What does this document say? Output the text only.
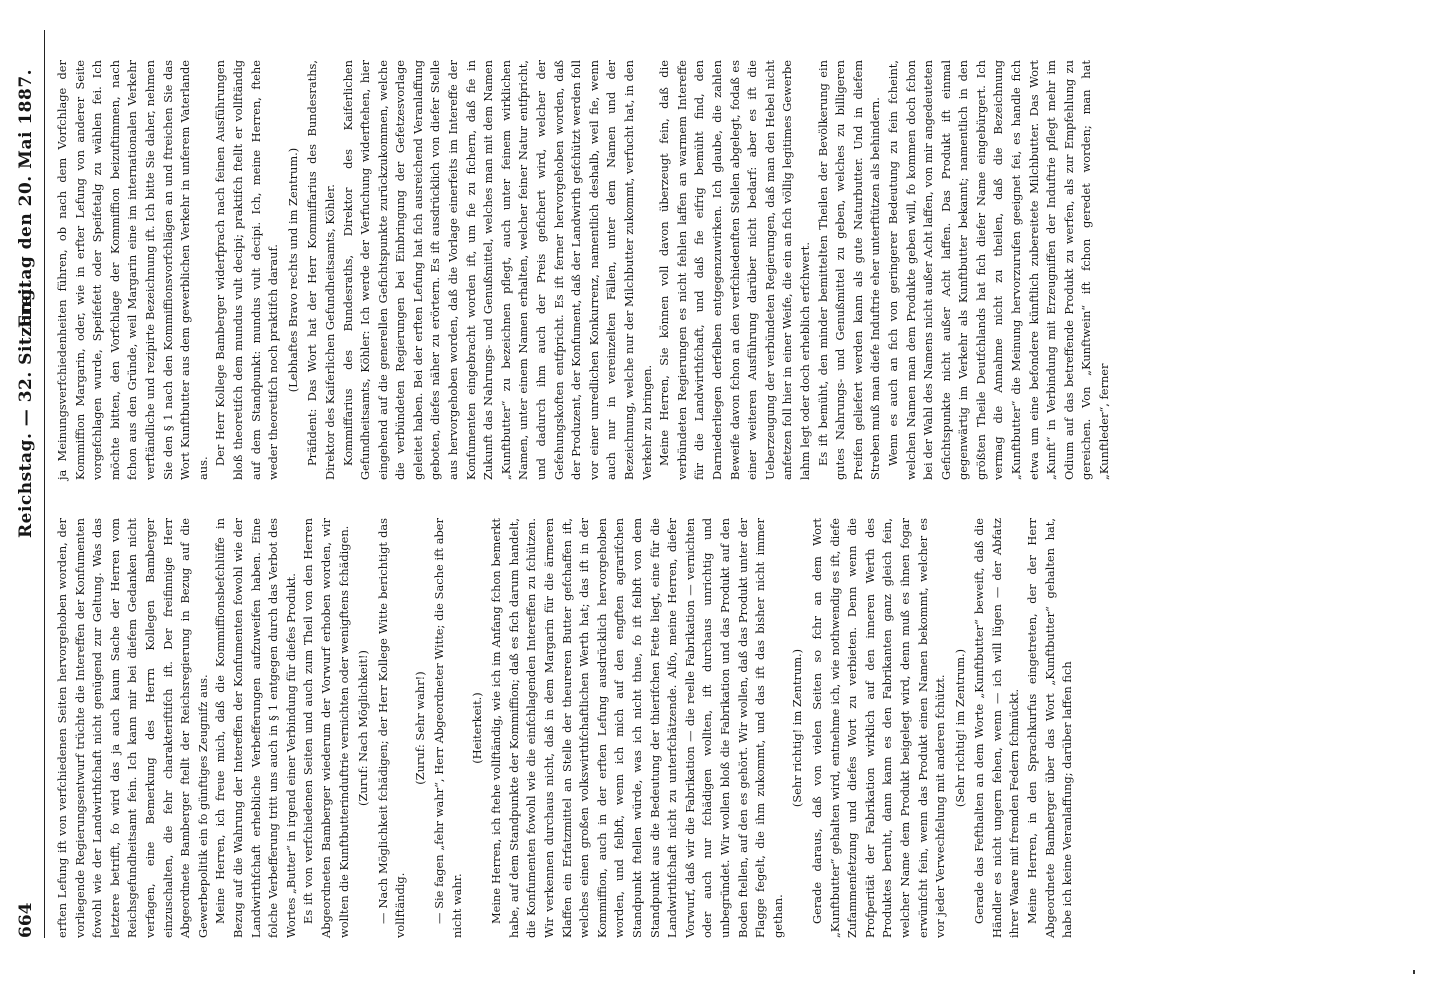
664
Reichstag. — 32. Sitzung.
Freitag den 20. Mai 1887.

erften Lefung ift von verfchiedenen Seiten hervorgehoben worden, der vorliegende Regierungsentwurf trüchte die Intereffen der Konfumenten fowohl wie der Landwirthfchaft nicht genügend zur Geltung. Was das letztere betrifft, fo wird das ja auch kaum Sache der Herren vom Reichsgefundheitsamt fein. Ich kann mir bei diefem Gedanken nicht verfagen, eine Bemerkung des Herrn Kollegen Bamberger einzuschalten, die fehr charakteriftifch ift. Der freifinnige Herr Abgeordnete Bamberger ftellt der Reichsregierung in Bezug auf die Gewerbepolitik ein fo günftiges Zeugnifz aus. Meine Herren, ich freue mich, daß die Kommiffionsbefchlüffe in Bezug auf die Wahrung der Intereffen der Konfumenten fowohl wie der Landwirthfchaft erhebliche Verbefferungen aufzuweifen haben. Eine folche Verbefferung tritt uns auch in § 1 entgegen durch das Verbot des Wortes „Butter“ in irgend einer Verbindung für diefes Produkt. Es ift von verfchiedenen Seiten und auch zum Theil von den Herren Abgeordneten Bamberger wiederum der Vorwurf erhoben worden, wir wollten die Kunftbutterinduftrie vernichten oder wenigftens fchädigen. (Zuruf: Nach Möglichkeit!) — Nach Möglichkeit fchädigen; der Herr Kollege Witte berichtigt das vollftändig.

(Zuruf: Sehr wahr!) — Sie fagen „fehr wahr“, Herr Abgeordneter Witte; die Sache ift aber nicht wahr.

(Heiterkeit.) Meine Herren, ich ftehe vollftändig, wie ich im Anfang fchon bemerkt habe, auf dem Standpunkte der Kommiffion; daß es fich darum handelt, die Konfumenten fowohl wie die einfchlagenden Intereffen zu fchützen. Wir verkennen durchaus nicht, daß in dem Margarin für die ärmeren Klaffen ein Erfatzmittel an Stelle der theureren Butter gefchaffen ift, welches einen großen volkswirthfchaftlichen Werth hat; das ift in der Kommiffion, auch in der erften Lefung ausdrücklich hervorgehoben worden, und felbft, wenn ich mich auf den engften agrarifchen Standpunkt ftellen würde, was ich nicht thue, fo ift felbft von dem Standpunkt aus die Bedeutung der thierifchen Fette liegt, eine für die Landwirthfchaft nicht zu unterfchätzende. Alfo, meine Herren, diefer Vorwurf, daß wir die Fabrikation — die reelle Fabrikation — vernichten oder auch nur fchädigen wollten, ift durchaus unrichtig und unbegründet. Wir wollen bloß die Fabrikation und das Produkt auf den Boden ftellen, auf den es gehört. Wir wollen, daß das Produkt unter der Flagge fegelt, die ihm zukommt, und das ift das bisher nicht immer gethan.

(Sehr richtig! im Zentrum.) Gerade daraus, daß von vielen Seiten so fchr an dem Wort „Kunftbutter“ gehalten wird, entnehme ich, wie nothwendig es ift, diefe Zufammenfetzung und diefes Wort zu verbieten. Denn wenn die Profperität der Fabrikation wirklich auf den inneren Werth des Produktes beruht, dann kann es den Fabrikanten ganz gleich fein, welcher Name dem Produkt beigelegt wird, denn muß es ihnen fogar erwünfcht fein, wenn das Produkt einen Namen bekommt, welcher es vor jeder Verwechfelung mit anderen fchützt. (Sehr richtig! im Zentrum.) Gerade das Fefthalten an dem Worte „Kunftbutter“ beweift, daß die Händler es nicht ungern fehen, wenn — ich will lügen — der Abfatz ihrer Waare mit fremden Federn fchmückt. Meine Herren, in den Sprachkurfus eingetreten, der der Herr Abgeordnete Bamberger über das Wort „Kunftbutter“ gehalten hat, habe ich keine Veranlaffung; darüber laffen fich

ja Meinungsverfchiedenheiten führen, ob nach dem Vorfchlage der Kommiffion Margarin, oder, wie in erfter Lefung von anderer Seite vorgefchlagen wurde, Speifefett oder Speifetalg zu wählen fei. Ich möchte bitten, den Vorfchlage der Kommiffion beizuftimmen, nach fchon aus den Gründe, weil Margarin eine im internationalen Verkehr verftändliche und rezipirte Bezeichnung ift. Ich bitte Sie daher, nehmen Sie den § 1 nach den Kommiffionsvorfchlägen an und ftreichen Sie das Wort Kunftbutter aus dem gewerblichen Verkehr in unferem Vaterlande aus.

Der Herr Kollege Bamberger widerfprach nach feinen Ausführungen bloß theoretifch dem mundus vult decipi; praktifch ftellt er vollftändig auf dem Standpunkt: mundus vult decipi. Ich, meine Herren, ftehe weder theoretifch noch praktifch darauf. (Lebhaftes Bravo rechts und im Zentrum.) Präfident: Das Wort hat der Herr Kommiffarius des Bundesraths, Direktor des Kaiferlichen Gefundheitsamts, Köhler. Kommiffarius des Bundesraths, Direktor des Kaiferlichen Gefundheitsamts, Köhler: Ich werde der Verfuchung widerftehen, hier eingehend auf die generellen Gefichtspunkte zurückzukommen, welche die verbündeten Regierungen bei Einbringung der Gefetzesvorlage geleitet haben. Bei der erften Lefung hat fich ausreichend Veranlaffung geboten, diefes näher zu erörtern. Es ift ausdrücklich von diefer Stelle aus hervorgehoben worden, daß die Vorlage einerfeits im Intereffe der Konfumenten eingebracht worden ift, um fie zu fichern, daß fie in Zukunft das Nahrungs- und Genußmittel, welches man mit dem Namen „Kunftbutter“ zu bezeichnen pflegt, auch unter feinem wirklichen Namen, unter einem Namen erhalten, welcher feiner Natur entfpricht, und dadurch ihm auch der Preis gefichert wird, welcher der Gefehungskoften entfpricht. Es ift ferner hervorgehoben worden, daß der Produzent, der Konfument, daß der Landwirth gefchützt werden foll vor einer unredlichen Konkurrenz, namentlich deshalb, weil fie, wenn auch nur in vereinzelten Fällen, unter dem Namen und der Bezeichnung, welche nur der Milchbutter zukommt, verfucht hat, in den Verkehr zu bringen. Meine Herren, Sie können voll davon überzeugt fein, daß die verbündeten Regierungen es nicht fehlen laffen an warmem Intereffe für die Landwirthfchaft, und daß fie eifrig bemüht find, den Darniederliegen derfelben entgegenzuwirken. Ich glaube, die zahlen Beweife davon fchon an den verfchiedenften Stellen abgelegt, fodaß es einer weiteren Ausführung darüber nicht bedarf: aber es ift die Ueberzeugung der verbündeten Regierungen, daß man den Hebel nicht anfetzen foll hier in einer Weife, die ein an fich völlig legitimes Gewerbe lahm legt oder doch erheblich erfchwert. Es ift bemüht, den minder bemittelten Theilen der Bevölkerung ein gutes Nahrungs- und Genußmittel zu geben, welches zu billigeren Preifen geliefert werden kann als gute Naturbutter. Und in diefem Streben muß man diefe Induftrie eher unterftützen als behindern. Wenn es auch an fich von geringerer Bedeutung zu fein fcheint, welchen Namen man dem Produkte geben will, fo kommen doch fchon bei der Wahl des Namens nicht außer Acht laffen, von mir angedeuteten Gefichtspunkte nicht außer Acht laffen. Das Produkt ift einmal gegenwärtig im Verkehr als Kunftbutter bekannt; namentlich in den größten Theile Deutfchlands hat fich diefer Name eingebürgert. Ich vermag die Annahme nicht zu theilen, daß die Bezeichnung „Kunftbutter“ die Meinung hervorzurufen geeignet fei, es handle fich etwa um eine befondere künftlich zubereitete Milchbutter. Das Wort „Kunft“ in Verbindung mit Erzeugniffen der Induftrie pflegt mehr im Odium auf das betreffende Produkt zu werfen, als zur Empfehlung zu gereichen. Von „Kunftwein“ ift fchon geredet worden; man hat „Kunftleder“, ferner
